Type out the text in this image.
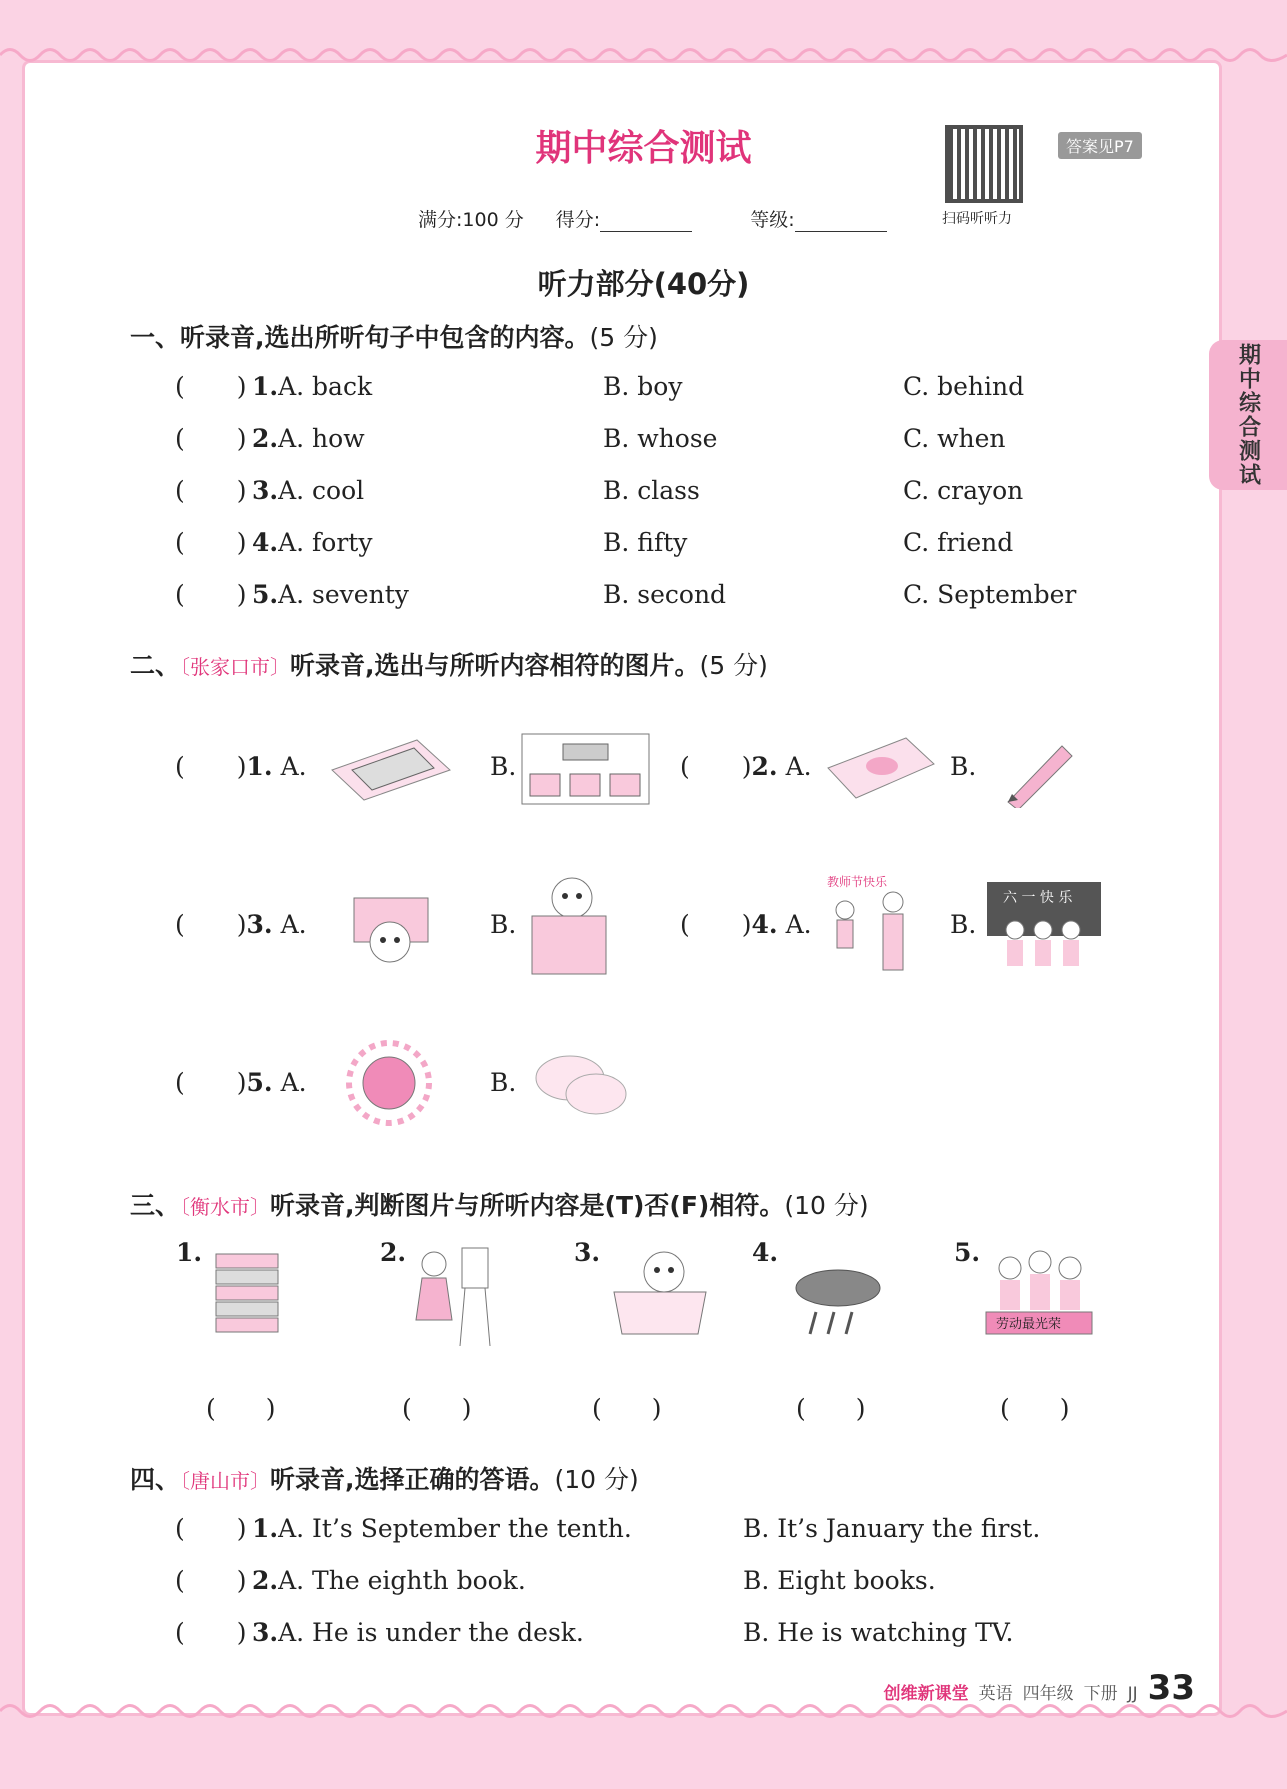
期中综合测试
期中综合测试
扫码听听力
答案见P7
满分:100 分 得分:	等级:
听力部分(40分)
一、听录音,选出所听句子中包含的内容。(5 分)
( ) 1. A. back	B. boy	C. behind
( ) 2. A. how	B. whose	C. when
( ) 3. A. cool	B. class	C. crayon
( ) 4. A. forty	B. fifty	C. friend
( ) 5. A. seventy	B. second	C. September
二、〔张家口市〕听录音,选出与所听内容相符的图片。(5 分)
( )1. A.	B.	( )2. A.	B.
( )3. A.	B.	( )4. A.
教师节快乐
B.
六 一 快 乐
( )5. A.	B.
三、〔衡水市〕听录音,判断图片与所听内容是(T)否(F)相符。(10 分)
1.	2.	3.	4.	5.
劳动最光荣
( )	( )	( )	( )	( )
四、〔唐山市〕听录音,选择正确的答语。(10 分)
( ) 1. A. It’s September the tenth.	B. It’s January the first.
( ) 2. A. The eighth book.	B. Eight books.
( ) 3. A. He is under the desk.	B. He is watching TV.
创维新课堂 英语 四年级 下册 JJ 33
